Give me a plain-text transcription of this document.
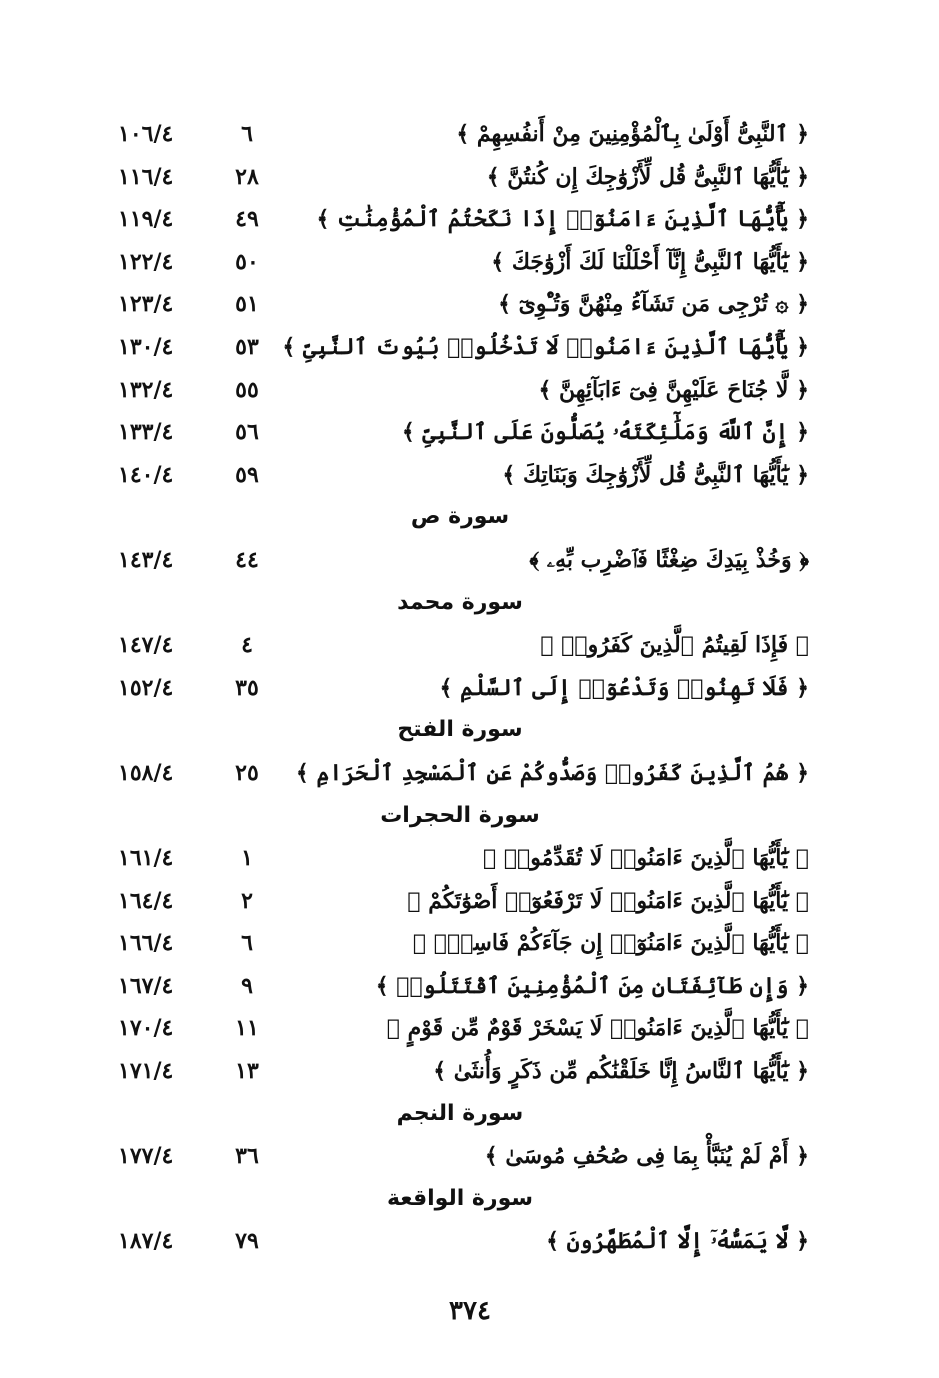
﴿ ٱلنَّبِىُّ أَوْلَىٰ بِٱلْمُؤْمِنِينَ مِنْ أَنفُسِهِمْ ﴾
٦
١٠٦/٤
﴿ يَٰٓأَيُّهَا ٱلنَّبِىُّ قُل لِّأَزْوَٰجِكَ إِن كُنتُنَّ ﴾
٢٨
١١٦/٤
﴿ يَٰٓأَيُّهَا ٱلَّذِينَ ءَامَنُوٓا۟ إِذَا نَكَحْتُمُ ٱلْمُؤْمِنَٰتِ ﴾
٤٩
١١٩/٤
﴿ يَٰٓأَيُّهَا ٱلنَّبِىُّ إِنَّآ أَحْلَلْنَا لَكَ أَزْوَٰجَكَ ﴾
٥٠
١٢٢/٤
﴿ ۞ تُرْجِى مَن تَشَآءُ مِنْهُنَّ وَتُـْٔوِىٓ ﴾
٥١
١٢٣/٤
﴿ يَٰٓأَيُّهَا ٱلَّذِينَ ءَامَنُوا۟ لَا تَدْخُلُوا۟ بُيُوتَ ٱلنَّبِىِّ ﴾
٥٣
١٣٠/٤
﴿ لَّا جُنَاحَ عَلَيْهِنَّ فِىٓ ءَابَآئِهِنَّ ﴾
٥٥
١٣٢/٤
﴿ إِنَّ ٱللَّهَ وَمَلَٰٓئِكَتَهُۥ يُصَلُّونَ عَلَى ٱلنَّبِىِّ ﴾
٥٦
١٣٣/٤
﴿ يَٰٓأَيُّهَا ٱلنَّبِىُّ قُل لِّأَزْوَٰجِكَ وَبَنَاتِكَ ﴾
٥٩
١٤٠/٤
سورة ص
﴿ وَخُذْ بِيَدِكَ ضِغْثًا فَٱضْرِب بِّهِۦ ﴾
٤٤
١٤٣/٤
سورة محمد
﴿ فَإِذَا لَقِيتُمُ ٱلَّذِينَ كَفَرُوا۟ ﴾
٤
١٤٧/٤
﴿ فَلَا تَهِنُوا۟ وَتَدْعُوٓا۟ إِلَى ٱلسَّلْمِ ﴾
٣٥
١٥٢/٤
سورة الفتح
﴿ هُمُ ٱلَّذِينَ كَفَرُوا۟ وَصَدُّوكُمْ عَنِ ٱلْمَسْجِدِ ٱلْحَرَامِ ﴾
٢٥
١٥٨/٤
سورة الحجرات
﴿ يَٰٓأَيُّهَا ٱلَّذِينَ ءَامَنُوا۟ لَا تُقَدِّمُوا۟ ﴾
١
١٦١/٤
﴿ يَٰٓأَيُّهَا ٱلَّذِينَ ءَامَنُوا۟ لَا تَرْفَعُوٓا۟ أَصْوَٰتَكُمْ ﴾
٢
١٦٤/٤
﴿ يَٰٓأَيُّهَا ٱلَّذِينَ ءَامَنُوٓا۟ إِن جَآءَكُمْ فَاسِقٌۢ ﴾
٦
١٦٦/٤
﴿ وَإِن طَآئِفَتَانِ مِنَ ٱلْمُؤْمِنِينَ ٱقْتَتَلُوا۟ ﴾
٩
١٦٧/٤
﴿ يَٰٓأَيُّهَا ٱلَّذِينَ ءَامَنُوا۟ لَا يَسْخَرْ قَوْمٌ مِّن قَوْمٍ ﴾
١١
١٧٠/٤
﴿ يَٰٓأَيُّهَا ٱلنَّاسُ إِنَّا خَلَقْنَٰكُم مِّن ذَكَرٍ وَأُنثَىٰ ﴾
١٣
١٧١/٤
سورة النجم
﴿ أَمْ لَمْ يُنَبَّأْ بِمَا فِى صُحُفِ مُوسَىٰ ﴾
٣٦
١٧٧/٤
سورة الواقعة
﴿ لَّا يَمَسُّهُۥٓ إِلَّا ٱلْمُطَهَّرُونَ ﴾
٧٩
١٨٧/٤
٣٧٤
